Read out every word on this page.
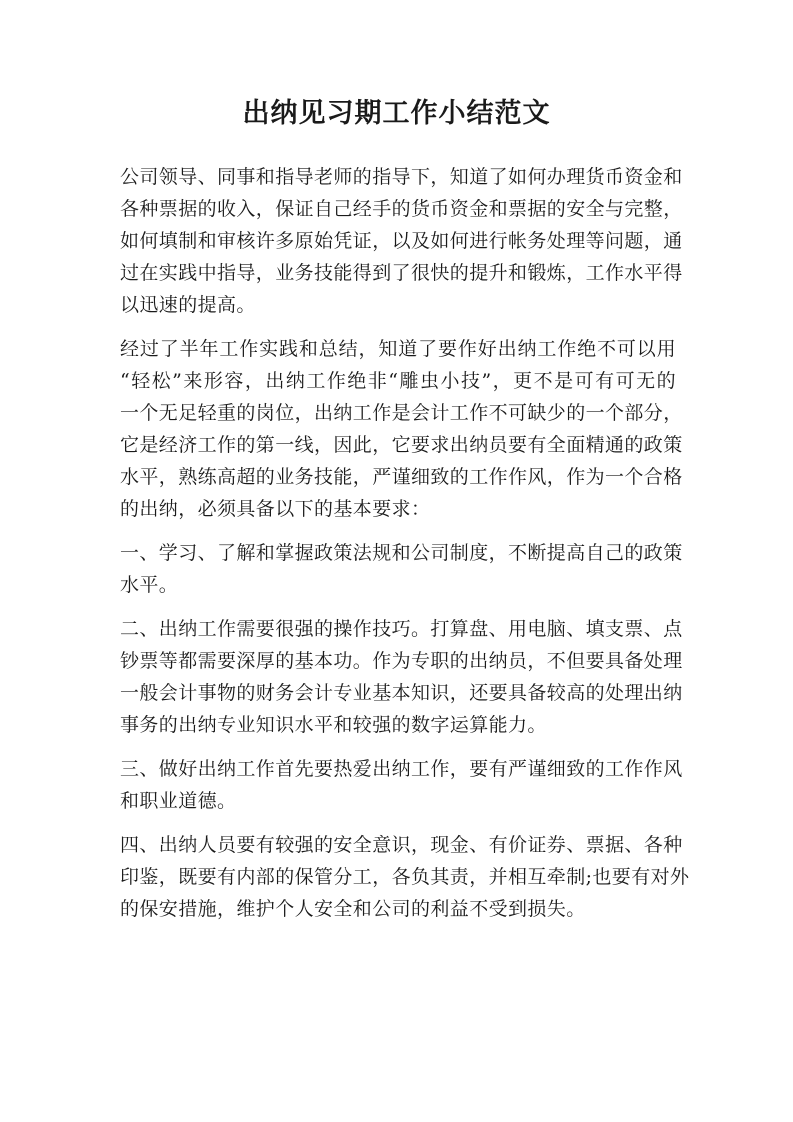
出纳见习期工作小结范文

公司领导、同事和指导老师的指导下，知道了如何办理货币资金和
各种票据的收入，保证自己经手的货币资金和票据的安全与完整，
如何填制和审核许多原始凭证，以及如何进行帐务处理等问题，通
过在实践中指导，业务技能得到了很快的提升和锻炼，工作水平得
以迅速的提高。

经过了半年工作实践和总结，知道了要作好出纳工作绝不可以用
“轻松”来形容，出纳工作绝非“雕虫小技”，更不是可有可无的
一个无足轻重的岗位，出纳工作是会计工作不可缺少的一个部分，
它是经济工作的第一线，因此，它要求出纳员要有全面精通的政策
水平，熟练高超的业务技能，严谨细致的工作作风，作为一个合格
的出纳，必须具备以下的基本要求：

一、学习、了解和掌握政策法规和公司制度，不断提高自己的政策
水平。

二、出纳工作需要很强的操作技巧。打算盘、用电脑、填支票、点
钞票等都需要深厚的基本功。作为专职的出纳员，不但要具备处理
一般会计事物的财务会计专业基本知识，还要具备较高的处理出纳
事务的出纳专业知识水平和较强的数字运算能力。

三、做好出纳工作首先要热爱出纳工作，要有严谨细致的工作作风
和职业道德。

四、出纳人员要有较强的安全意识，现金、有价证券、票据、各种
印鉴，既要有内部的保管分工，各负其责，并相互牵制;也要有对外
的保安措施，维护个人安全和公司的利益不受到损失。
